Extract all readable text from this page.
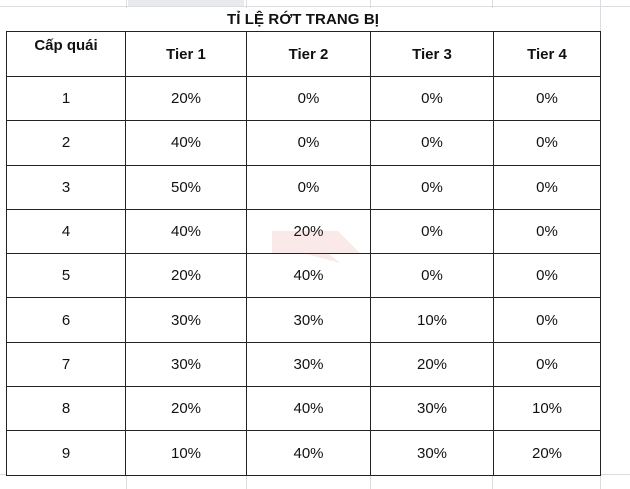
TỈ LỆ RỚT TRANG BỊ
Cấp quái	Tier 1	Tier 2	Tier 3	Tier 4
1	20%	0%	0%	0%
2	40%	0%	0%	0%
3	50%	0%	0%	0%
4	40%	20%	0%	0%
5	20%	40%	0%	0%
6	30%	30%	10%	0%
7	30%	30%	20%	0%
8	20%	40%	30%	10%
9	10%	40%	30%	20%
